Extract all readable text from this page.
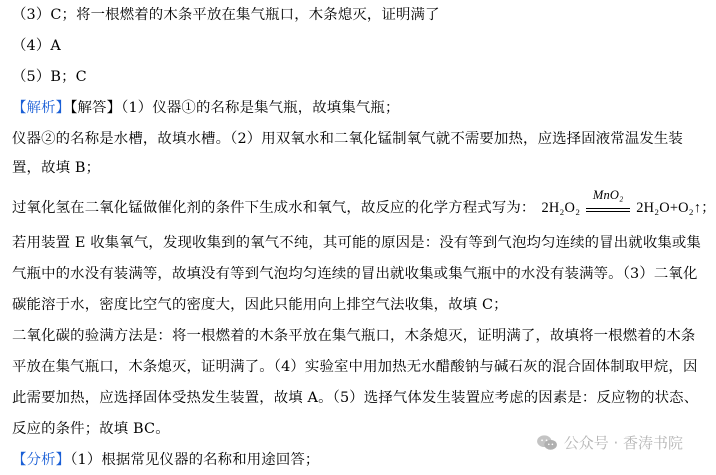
（3）C；将一根燃着的木条平放在集气瓶口，木条熄灭，证明满了
（4）A
（5）B；C
【解析】【解答】（1）仪器①的名称是集气瓶，故填集气瓶；
仪器②的名称是水槽，故填水槽。（2）用双氧水和二氧化锰制氧气就不需要加热，应选择固液常温发生装
置，故填 B；
过氧化氢在二氧化锰做催化剂的条件下生成水和氧气，故反应的化学方程式写为： 2H₂O₂
MnO₂
2H₂O+O₂↑；
若用装置 E 收集氧气，发现收集到的氧气不纯，其可能的原因是：没有等到气泡均匀连续的冒出就收集或集
气瓶中的水没有装满等，故填没有等到气泡均匀连续的冒出就收集或集气瓶中的水没有装满等。（3）二氧化
碳能溶于水，密度比空气的密度大，因此只能用向上排空气法收集，故填 C；
二氧化碳的验满方法是：将一根燃着的木条平放在集气瓶口，木条熄灭，证明满了，故填将一根燃着的木条
平放在集气瓶口，木条熄灭，证明满了。（4）实验室中用加热无水醋酸钠与碱石灰的混合固体制取甲烷，因
此需要加热，应选择固体受热发生装置，故填 A。（5）选择气体发生装置应考虑的因素是：反应物的状态、
反应的条件；故填 BC。
【分析】（1）根据常见仪器的名称和用途回答；
公众号 · 香涛书院
